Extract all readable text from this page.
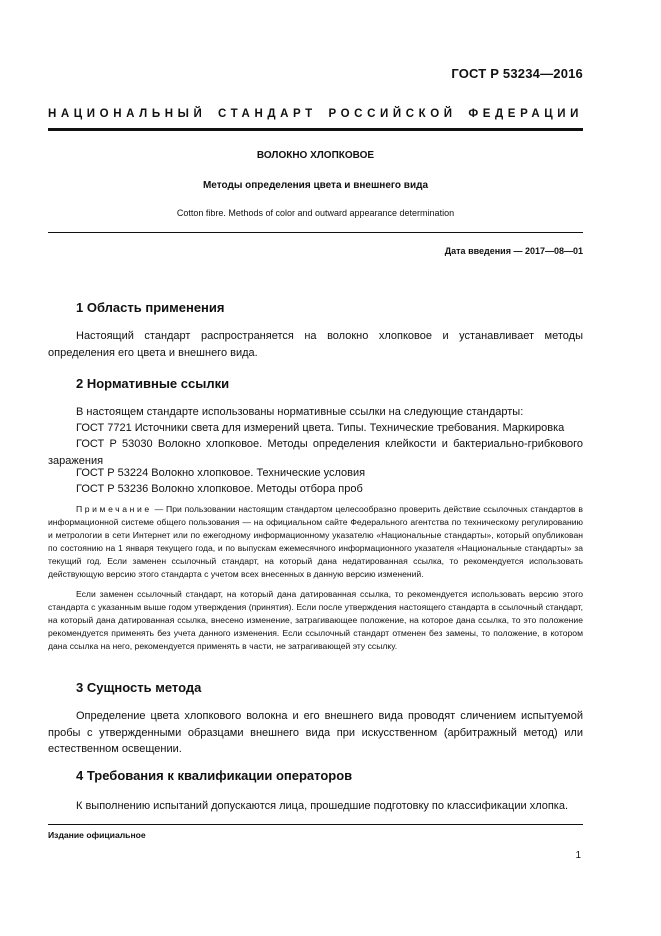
ГОСТ Р 53234—2016
НАЦИОНАЛЬНЫЙ СТАНДАРТ РОССИЙСКОЙ ФЕДЕРАЦИИ
ВОЛОКНО ХЛОПКОВОЕ
Методы определения цвета и внешнего вида
Cotton fibre. Methods of color and outward appearance determination
Дата введения — 2017—08—01
1 Область применения

Настоящий стандарт распространяется на волокно хлопковое и устанавливает методы определения его цвета и внешнего вида.

2 Нормативные ссылки

В настоящем стандарте использованы нормативные ссылки на следующие стандарты:

ГОСТ 7721 Источники света для измерений цвета. Типы. Технические требования. Маркировка

ГОСТ Р 53030 Волокно хлопковое. Методы определения клейкости и бактериально-грибкового заражения

ГОСТ Р 53224 Волокно хлопковое. Технические условия

ГОСТ Р 53236 Волокно хлопковое. Методы отбора проб

Примечание — При пользовании настоящим стандартом целесообразно проверить действие ссылочных стандартов в информационной системе общего пользования — на официальном сайте Федерального агентства по техническому регулированию и метрологии в сети Интернет или по ежегодному информационному указателю «Национальные стандарты», который опубликован по состоянию на 1 января текущего года, и по выпускам ежемесячного информационного указателя «Национальные стандарты» за текущий год. Если заменен ссылочный стандарт, на который дана недатированная ссылка, то рекомендуется использовать действующую версию этого стандарта с учетом всех внесенных в данную версию изменений.

Если заменен ссылочный стандарт, на который дана датированная ссылка, то рекомендуется использовать версию этого стандарта с указанным выше годом утверждения (принятия). Если после утверждения настоящего стандарта в ссылочный стандарт, на который дана датированная ссылка, внесено изменение, затрагивающее положение, на которое дана ссылка, то это положение рекомендуется применять без учета данного изменения. Если ссылочный стандарт отменен без замены, то положение, в котором дана ссылка на него, рекомендуется применять в части, не затрагивающей эту ссылку.

3 Сущность метода

Определение цвета хлопкового волокна и его внешнего вида проводят сличением испытуемой пробы с утвержденными образцами внешнего вида при искусственном (арбитражный метод) или естественном освещении.

4 Требования к квалификации операторов

К выполнению испытаний допускаются лица, прошедшие подготовку по классификации хлопка.

Издание официальное
1
